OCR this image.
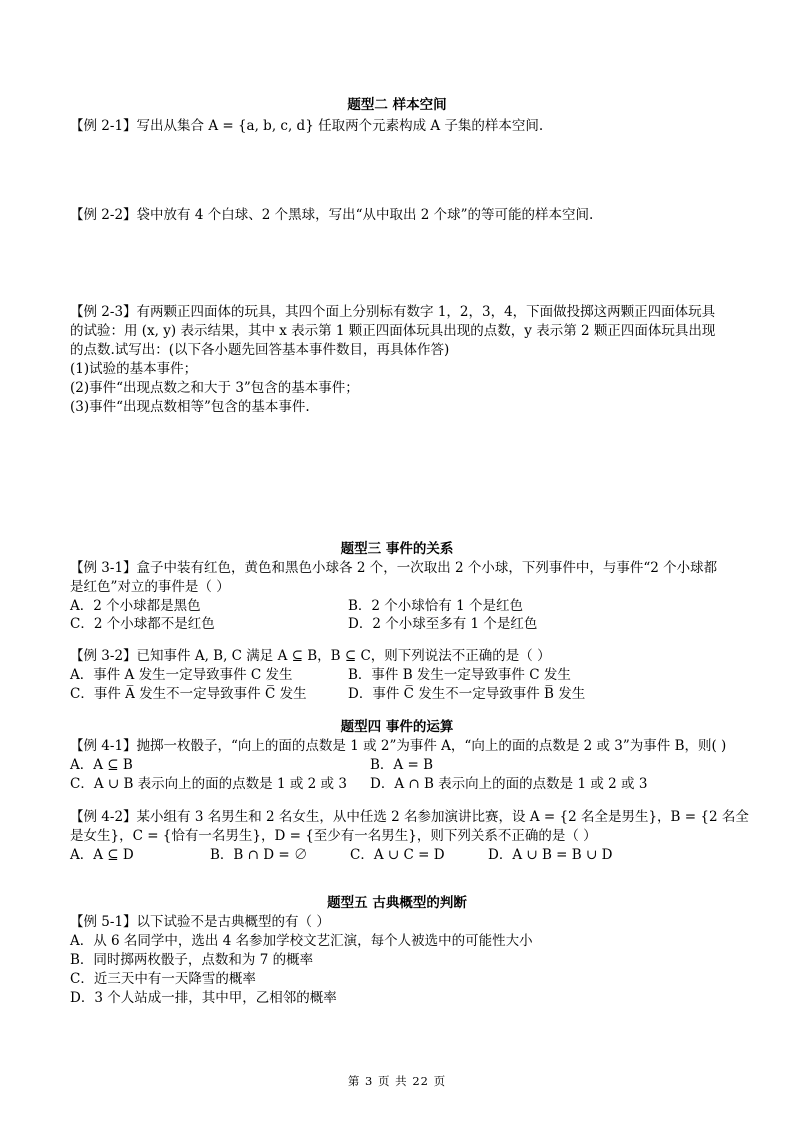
题型二 样本空间
【例 2-1】写出从集合 A = {a, b, c, d} 任取两个元素构成 A 子集的样本空间.
【例 2-2】袋中放有 4 个白球、2 个黑球，写出“从中取出 2 个球”的等可能的样本空间.
【例 2-3】有两颗正四面体的玩具，其四个面上分别标有数字 1，2，3，4，下面做投掷这两颗正四面体玩具
的试验：用 (x, y) 表示结果，其中 x 表示第 1 颗正四面体玩具出现的点数，y 表示第 2 颗正四面体玩具出现
的点数.试写出：(以下各小题先回答基本事件数目，再具体作答)
(1)试验的基本事件；
(2)事件“出现点数之和大于 3”包含的基本事件；
(3)事件“出现点数相等”包含的基本事件.
题型三 事件的关系
【例 3-1】盒子中装有红色，黄色和黑色小球各 2 个，一次取出 2 个小球，下列事件中，与事件“2 个小球都
是红色”对立的事件是（ ）
A．2 个小球都是黑色	B．2 个小球恰有 1 个是红色
C．2 个小球都不是红色	D．2 个小球至多有 1 个是红色
【例 3-2】已知事件 A, B, C 满足 A ⊆ B，B ⊆ C，则下列说法不正确的是（ ）
A．事件 A 发生一定导致事件 C 发生	B．事件 B 发生一定导致事件 C 发生
C．事件 A̅ 发生不一定导致事件 C̅ 发生	D．事件 C̅ 发生不一定导致事件 B̅ 发生
题型四 事件的运算
【例 4-1】抛掷一枚骰子，“向上的面的点数是 1 或 2”为事件 A，“向上的面的点数是 2 或 3”为事件 B，则( )
A．A ⊆ B	B．A = B
C．A ∪ B 表示向上的面的点数是 1 或 2 或 3 D．A ∩ B 表示向上的面的点数是 1 或 2 或 3
【例 4-2】某小组有 3 名男生和 2 名女生，从中任选 2 名参加演讲比赛，设 A = {2 名全是男生}，B = {2 名全
是女生}，C = {恰有一名男生}，D = {至少有一名男生}，则下列关系不正确的是（ ）
A．A ⊆ D	B．B ∩ D = ∅	C．A ∪ C = D	D．A ∪ B = B ∪ D
题型五 古典概型的判断
【例 5-1】以下试验不是古典概型的有（ ）
A．从 6 名同学中，选出 4 名参加学校文艺汇演，每个人被选中的可能性大小
B．同时掷两枚骰子，点数和为 7 的概率
C．近三天中有一天降雪的概率
D．3 个人站成一排，其中甲，乙相邻的概率
第 3 页 共 22 页
